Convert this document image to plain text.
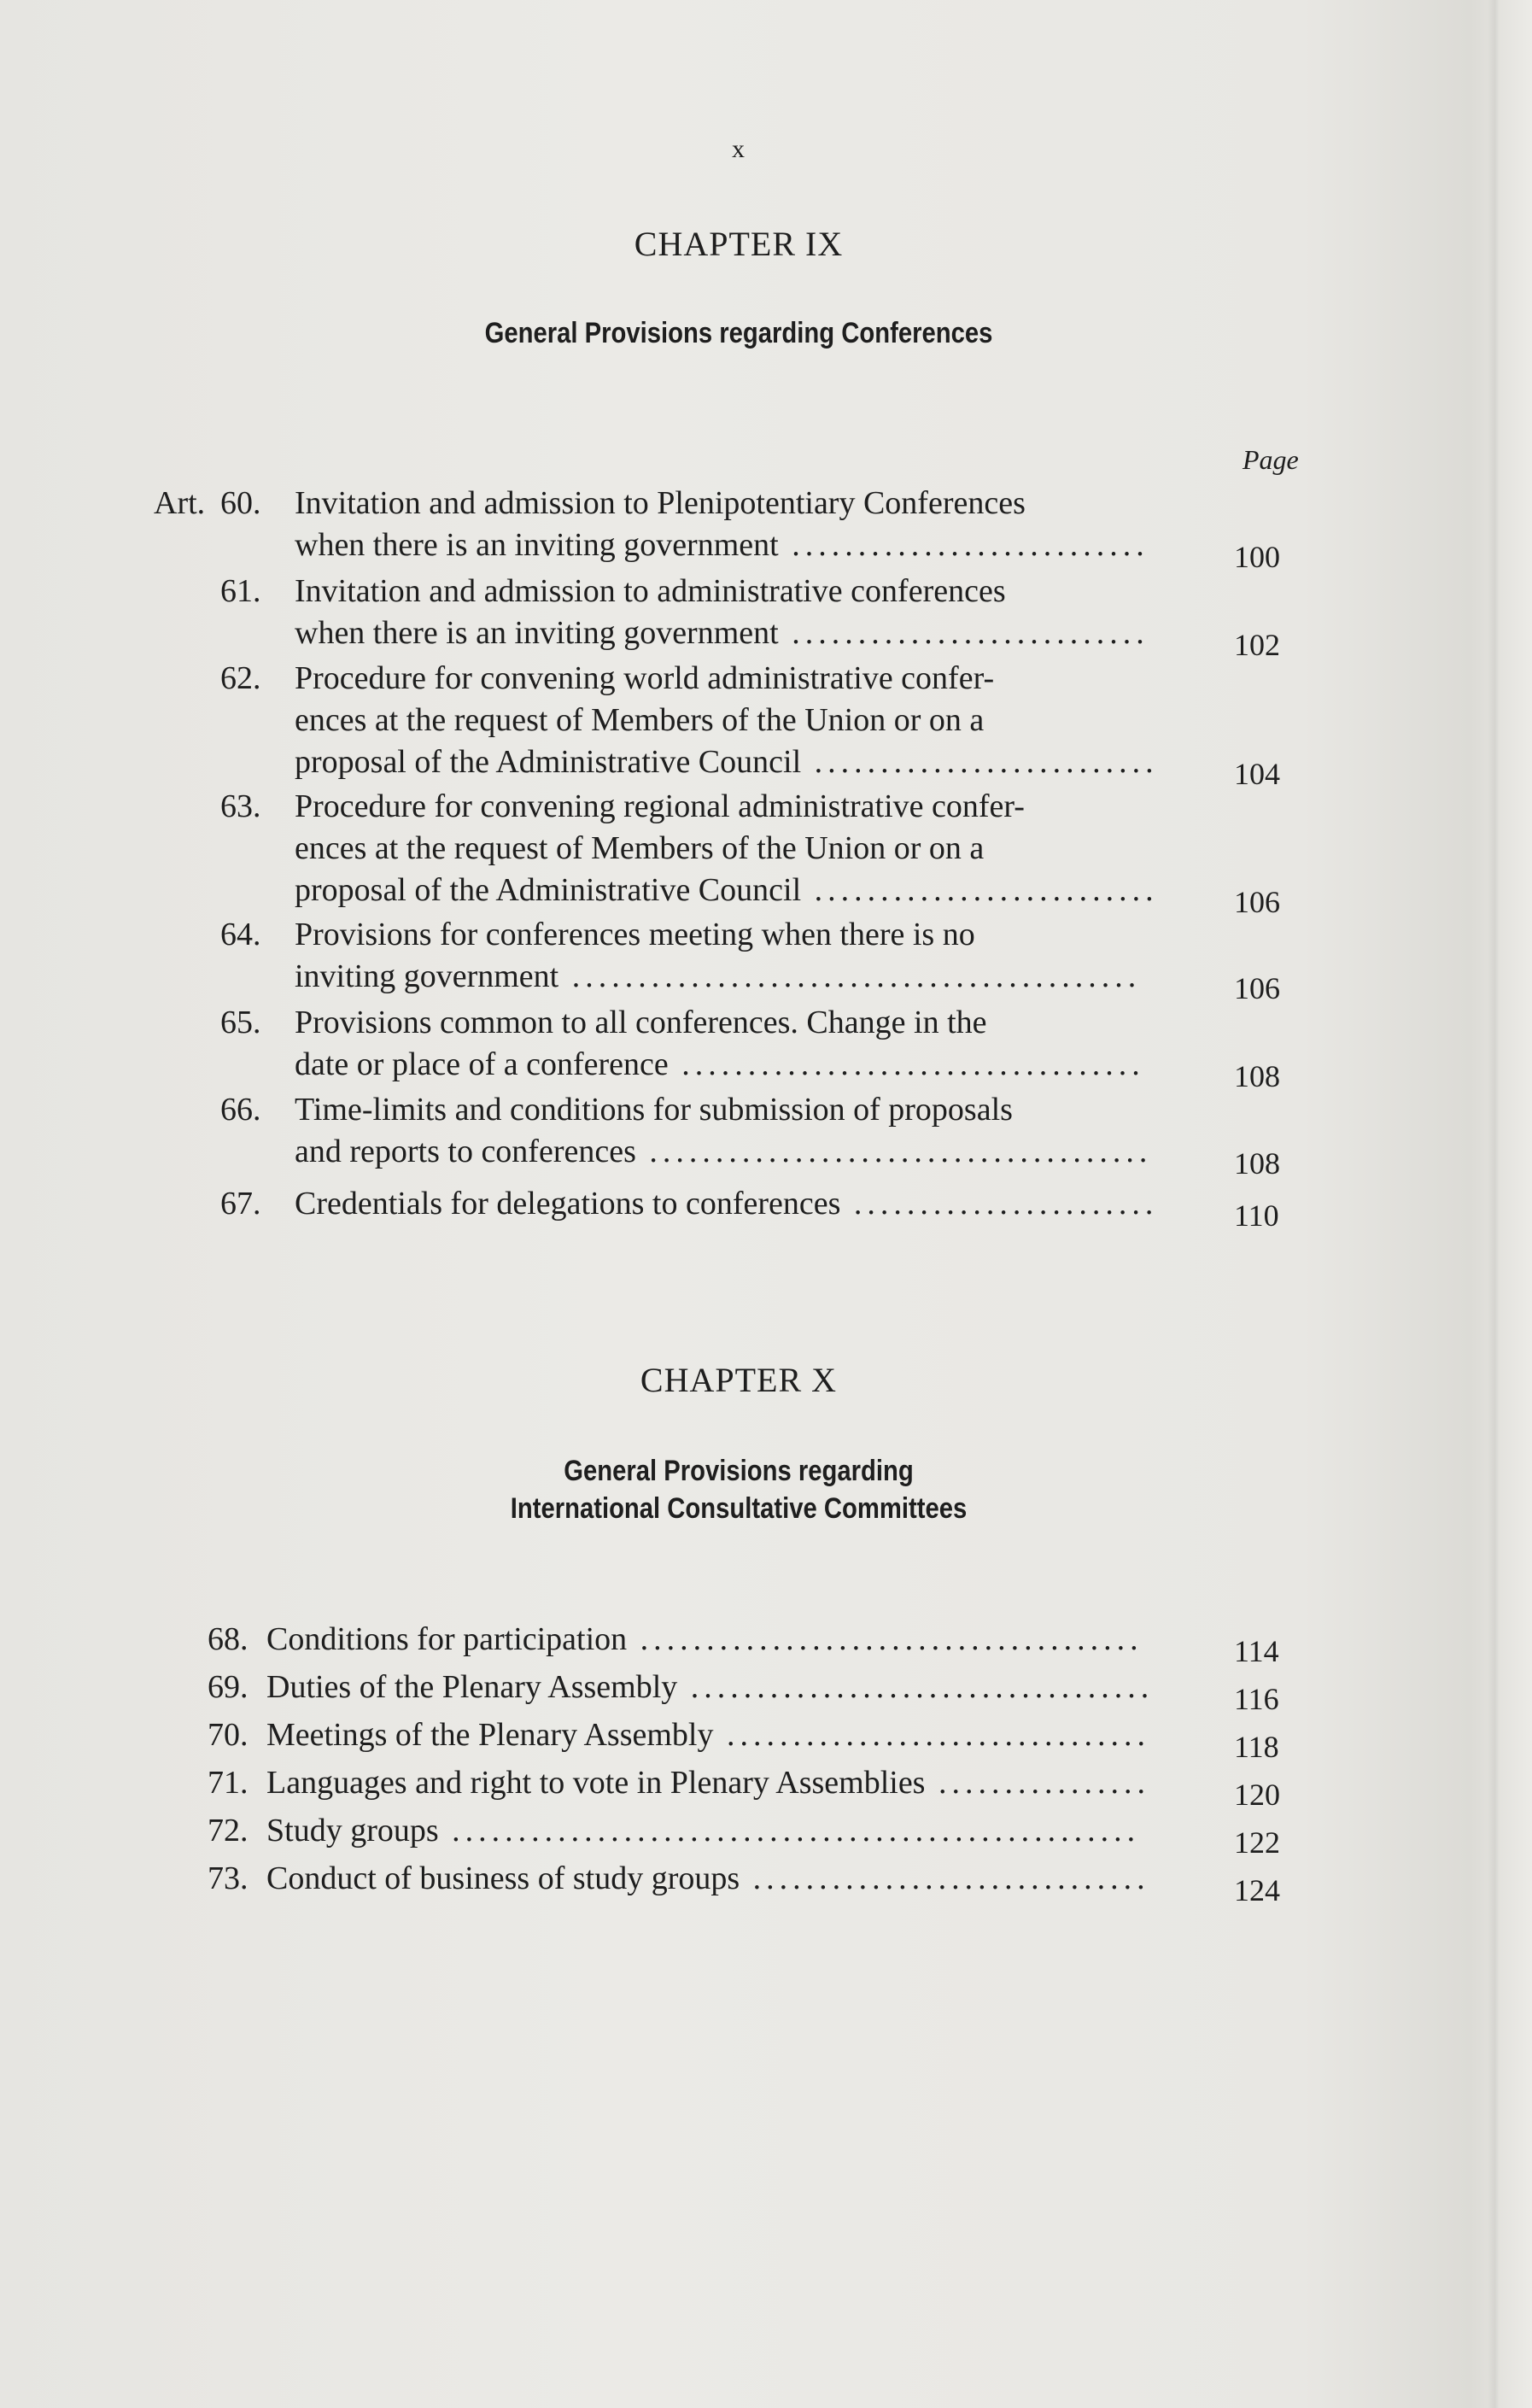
x
CHAPTER IX
General Provisions regarding Conferences
Page
Art. 60. Invitation and admission to Plenipotentiary Conferences
when there is an inviting government ...........................	100
61. Invitation and admission to administrative conferences
when there is an inviting government ...........................	102
62. Procedure for convening world administrative confer-
ences at the request of Members of the Union or on a
proposal of the Administrative Council ..........................	104
63. Procedure for convening regional administrative confer-
ences at the request of Members of the Union or on a
proposal of the Administrative Council ..........................	106
64. Provisions for conferences meeting when there is no
inviting government ...........................................	106
65. Provisions common to all conferences. Change in the
date or place of a conference ...................................	108
66. Time-limits and conditions for submission of proposals
and reports to conferences ......................................	108
67. Credentials for delegations to conferences .......................	110
CHAPTER X
General Provisions regarding
International Consultative Committees
68. Conditions for participation ......................................	114
69. Duties of the Plenary Assembly ...................................	116
70. Meetings of the Plenary Assembly ................................	118
71. Languages and right to vote in Plenary Assemblies ................	120
72. Study groups ....................................................	122
73. Conduct of business of study groups ..............................	124
